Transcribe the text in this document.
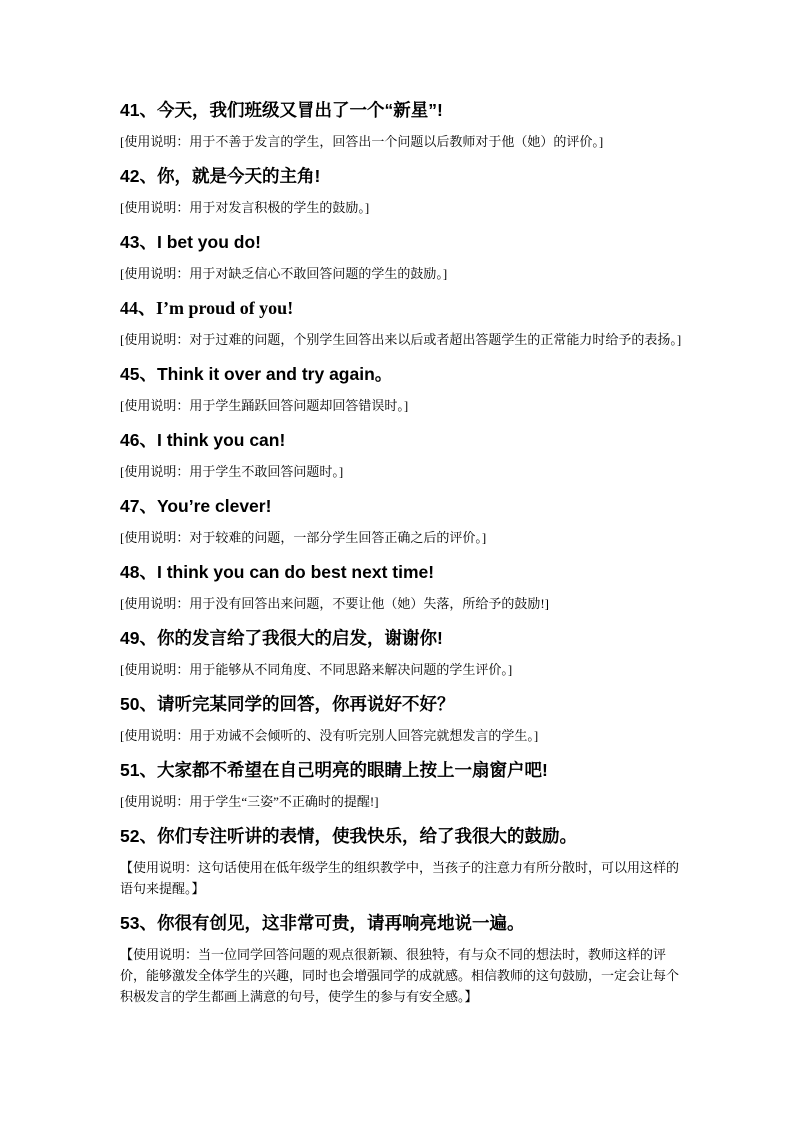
41、今天，我们班级又冒出了一个“新星”!
[使用说明：用于不善于发言的学生，回答出一个问题以后教师对于他（她）的评价。]
42、你，就是今天的主角!
[使用说明：用于对发言积极的学生的鼓励。]
43、I bet you do!
[使用说明：用于对缺乏信心不敢回答问题的学生的鼓励。]
44、I’m proud of you!
[使用说明：对于过难的问题，个别学生回答出来以后或者超出答题学生的正常能力时给予的表扬。]
45、Think it over and try again。
[使用说明：用于学生踊跃回答问题却回答错误时。]
46、I think you can!
[使用说明：用于学生不敢回答问题时。]
47、You’re clever!
[使用说明：对于较难的问题，一部分学生回答正确之后的评价。]
48、I think you can do best next time!
[使用说明：用于没有回答出来问题，不要让他（她）失落，所给予的鼓励!]
49、你的发言给了我很大的启发，谢谢你!
[使用说明：用于能够从不同角度、不同思路来解决问题的学生评价。]
50、请听完某同学的回答，你再说好不好？
[使用说明：用于劝诫不会倾听的、没有听完别人回答完就想发言的学生。]
51、大家都不希望在自己明亮的眼睛上按上一扇窗户吧!
[使用说明：用于学生“三姿”不正确时的提醒!]
52、你们专注听讲的表情，使我快乐，给了我很大的鼓励。
【使用说明：这句话使用在低年级学生的组织教学中，当孩子的注意力有所分散时，可以用这样的语句来提醒。】
53、你很有创见，这非常可贵，请再响亮地说一遍。
【使用说明：当一位同学回答问题的观点很新颖、很独特，有与众不同的想法时，教师这样的评价，能够激发全体学生的兴趣，同时也会增强同学的成就感。相信教师的这句鼓励，一定会让每个积极发言的学生都画上满意的句号，使学生的参与有安全感。】
